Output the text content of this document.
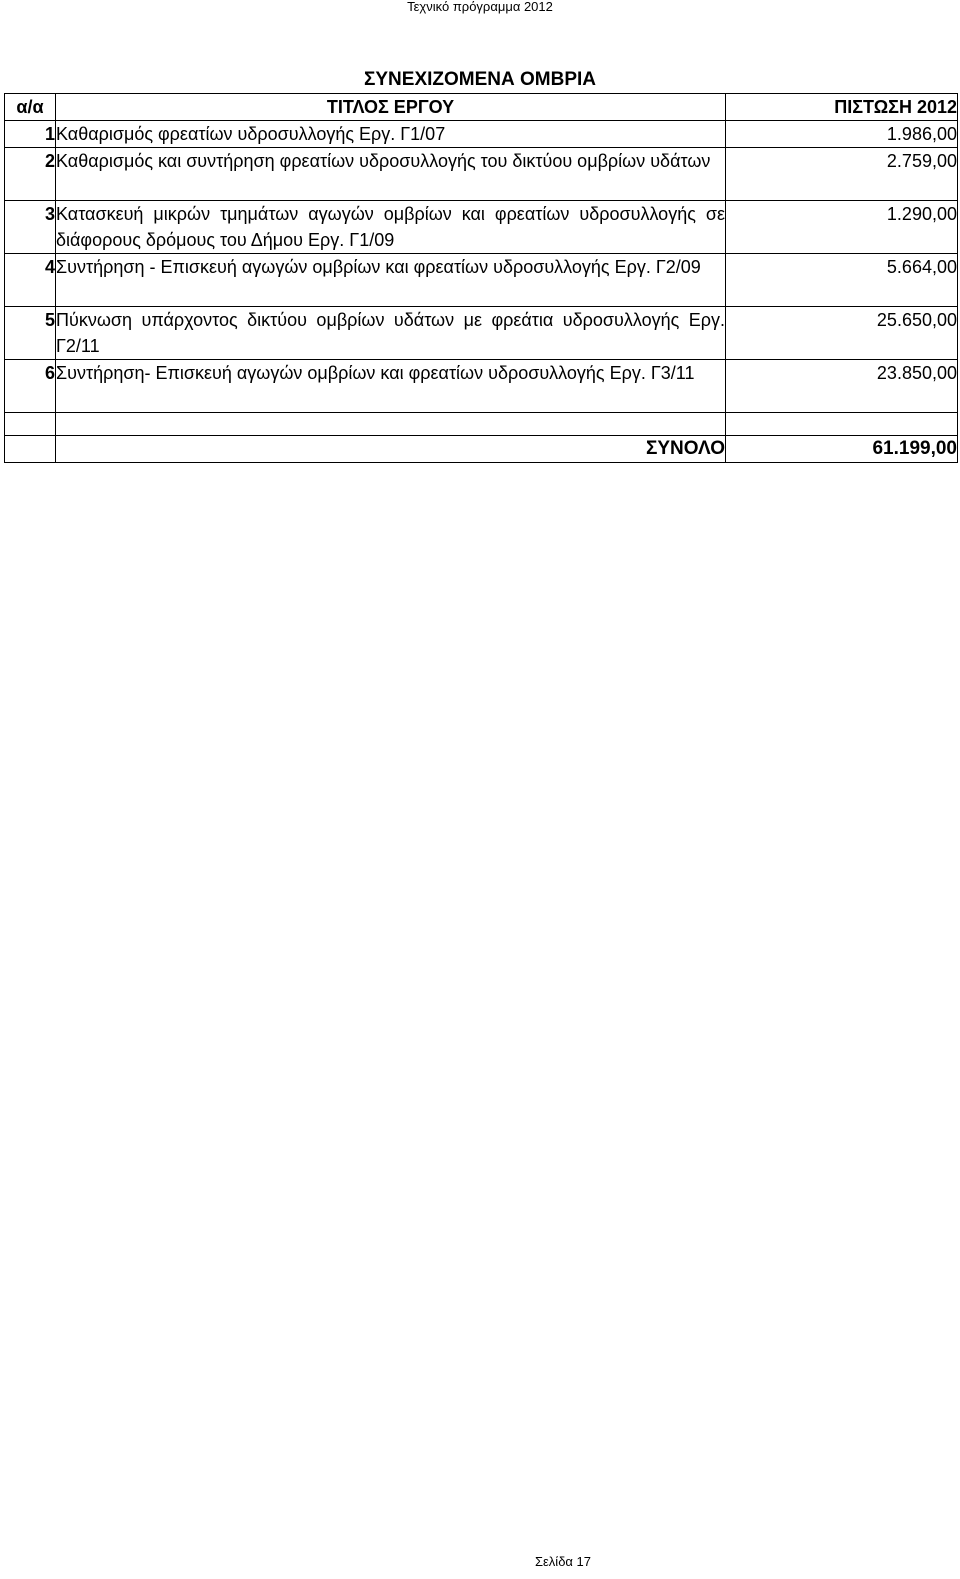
Τεχνικό πρόγραμμα 2012
ΣΥΝΕΧΙΖΟΜΕΝΑ ΟΜΒΡΙΑ
α/α	ΤΙΤΛΟΣ ΕΡΓΟΥ	ΠΙΣΤΩΣΗ 2012
1	Καθαρισμός φρεατίων υδροσυλλογής Εργ. Γ1/07	1.986,00
2	Καθαρισμός και συντήρηση φρεατίων υδροσυλλογής του δικτύου ομβρίων υδάτων	2.759,00
3	Κατασκευή μικρών τμημάτων αγωγών ομβρίων και φρεατίων υδροσυλλογής σε διάφορους δρόμους του Δήμου Εργ. Γ1/09	1.290,00
4	Συντήρηση - Επισκευή αγωγών ομβρίων και φρεατίων υδροσυλλογής Εργ. Γ2/09	5.664,00
5	Πύκνωση υπάρχοντος δικτύου ομβρίων υδάτων με φρεάτια υδροσυλλογής Εργ. Γ2/11	25.650,00
6	Συντήρηση- Επισκευή αγωγών ομβρίων και φρεατίων υδροσυλλογής Εργ. Γ3/11	23.850,00

	ΣΥΝΟΛΟ	61.199,00
Σελίδα 17
